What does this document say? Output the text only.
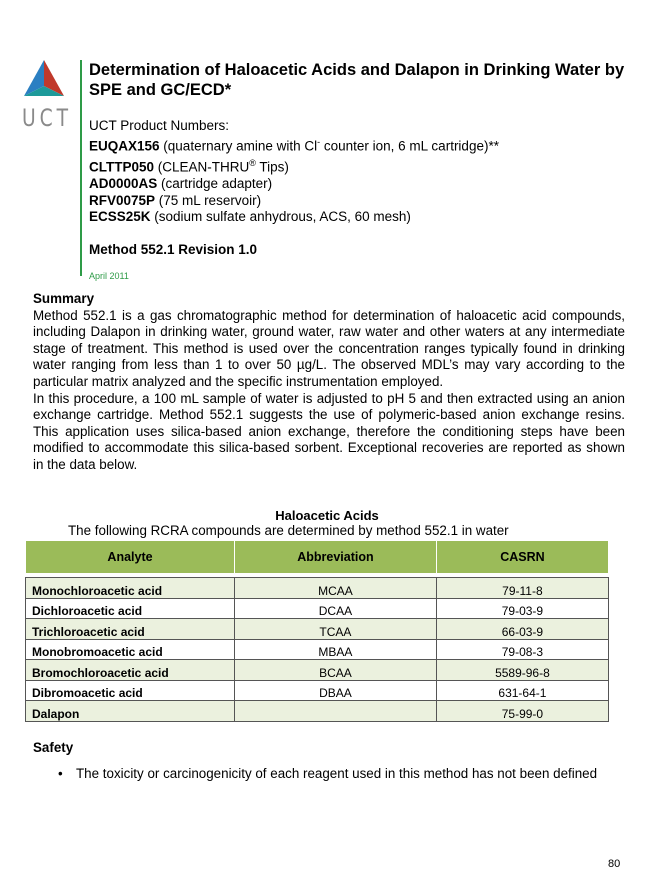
UCT
Determination of Haloacetic Acids and Dalapon in Drinking Water by SPE and GC/ECD*
UCT Product Numbers:
EUQAX156 (quaternary amine with Cl- counter ion, 6 mL cartridge)**
CLTTP050 (CLEAN-THRU® Tips)
AD0000AS (cartridge adapter)
RFV0075P (75 mL reservoir)
ECSS25K (sodium sulfate anhydrous, ACS, 60 mesh)
Method 552.1 Revision 1.0
April 2011
Summary

Method 552.1 is a gas chromatographic method for determination of haloacetic acid compounds, including Dalapon in drinking water, ground water, raw water and other waters at any intermediate stage of treatment. This method is used over the concentration ranges typically found in drinking water ranging from less than 1 to over 50 µg/L. The observed MDL’s may vary according to the particular matrix analyzed and the specific instrumentation employed.

In this procedure, a 100 mL sample of water is adjusted to pH 5 and then extracted using an anion exchange cartridge. Method 552.1 suggests the use of polymeric-based anion exchange resins. This application uses silica-based anion exchange, therefore the conditioning steps have been modified to accommodate this silica-based sorbent. Exceptional recoveries are reported as shown in the data below.

Haloacetic Acids
The following RCRA compounds are determined by method 552.1 in water
Analyte	Abbreviation	CASRN

Monochloroacetic acid	MCAA	79-11-8
Dichloroacetic acid	DCAA	79-03-9
Trichloroacetic acid	TCAA	66-03-9
Monobromoacetic acid	MBAA	79-08-3
Bromochloroacetic acid	BCAA	5589-96-8
Dibromoacetic acid	DBAA	631-64-1
Dalapon		75-99-0
Safety
• The toxicity or carcinogenicity of each reagent used in this method has not been defined
80
